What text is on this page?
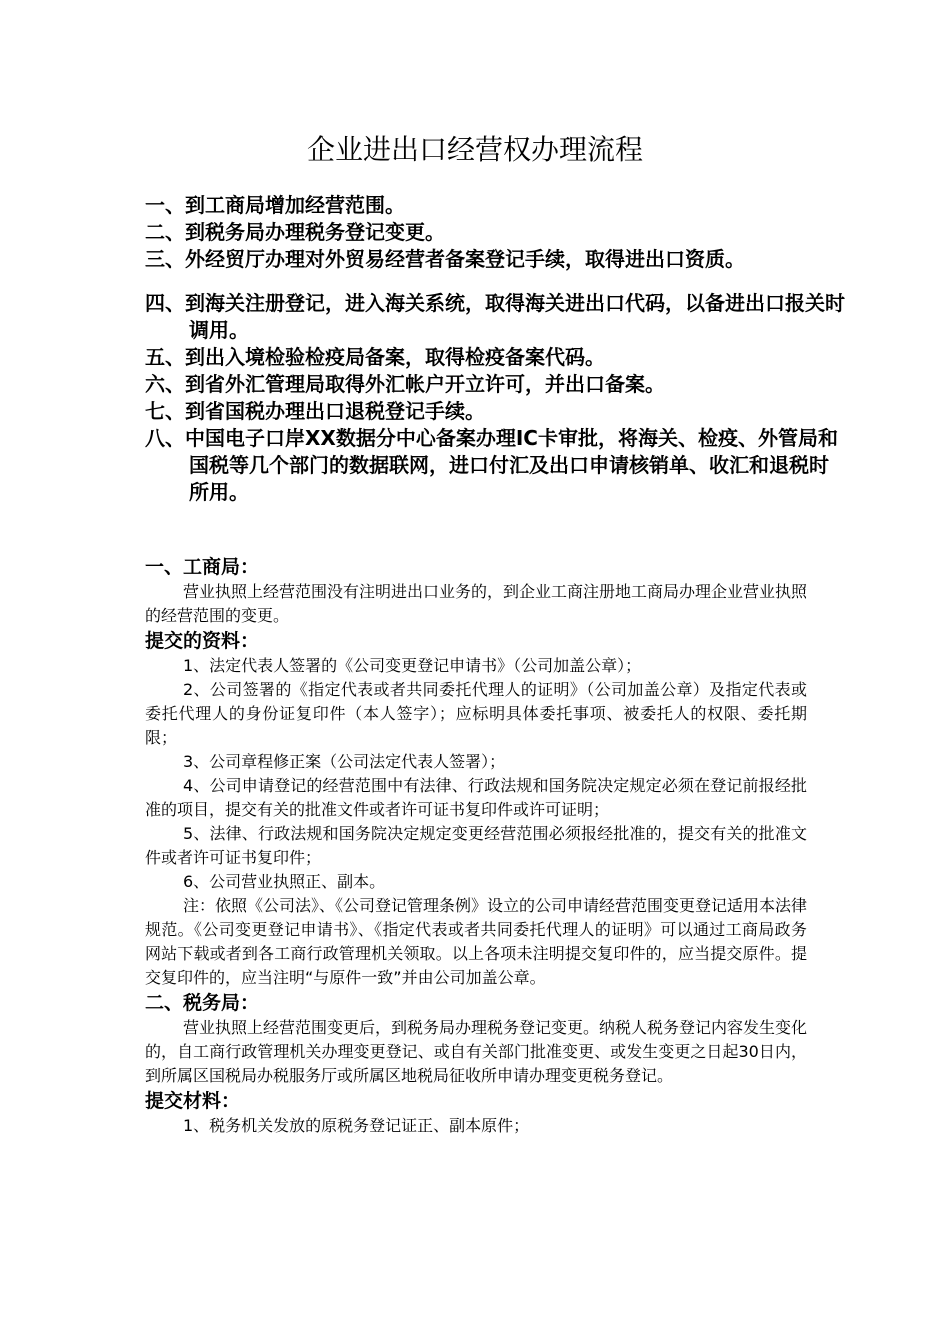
企业进出口经营权办理流程
一、到工商局增加经营范围。
二、到税务局办理税务登记变更。
三、外经贸厅办理对外贸易经营者备案登记手续，取得进出口资质。
四、到海关注册登记，进入海关系统，取得海关进出口代码，以备进出口报关时调用。
五、到出入境检验检疫局备案，取得检疫备案代码。
六、到省外汇管理局取得外汇帐户开立许可，并出口备案。
七、到省国税办理出口退税登记手续。
八、中国电子口岸XX数据分中心备案办理IC卡审批，将海关、检疫、外管局和国税等几个部门的数据联网，进口付汇及出口申请核销单、收汇和退税时所用。
一、工商局：
营业执照上经营范围没有注明进出口业务的，到企业工商注册地工商局办理企业营业执照的经营范围的变更。
提交的资料：
1、法定代表人签署的《公司变更登记申请书》（公司加盖公章）；
2、公司签署的《指定代表或者共同委托代理人的证明》（公司加盖公章）及指定代表或委托代理人的身份证复印件（本人签字）；应标明具体委托事项、被委托人的权限、委托期限；
3、公司章程修正案（公司法定代表人签署）；
4、公司申请登记的经营范围中有法律、行政法规和国务院决定规定必须在登记前报经批准的项目，提交有关的批准文件或者许可证书复印件或许可证明；
5、法律、行政法规和国务院决定规定变更经营范围必须报经批准的，提交有关的批准文件或者许可证书复印件；
6、公司营业执照正、副本。
注：依照《公司法》、《公司登记管理条例》设立的公司申请经营范围变更登记适用本法律规范。《公司变更登记申请书》、《指定代表或者共同委托代理人的证明》可以通过工商局政务网站下载或者到各工商行政管理机关领取。以上各项未注明提交复印件的，应当提交原件。提交复印件的，应当注明“与原件一致”并由公司加盖公章。
二、税务局：
营业执照上经营范围变更后，到税务局办理税务登记变更。纳税人税务登记内容发生变化的，自工商行政管理机关办理变更登记、或自有关部门批准变更、或发生变更之日起30日内，到所属区国税局办税服务厅或所属区地税局征收所申请办理变更税务登记。
提交材料：
1、税务机关发放的原税务登记证正、副本原件；
